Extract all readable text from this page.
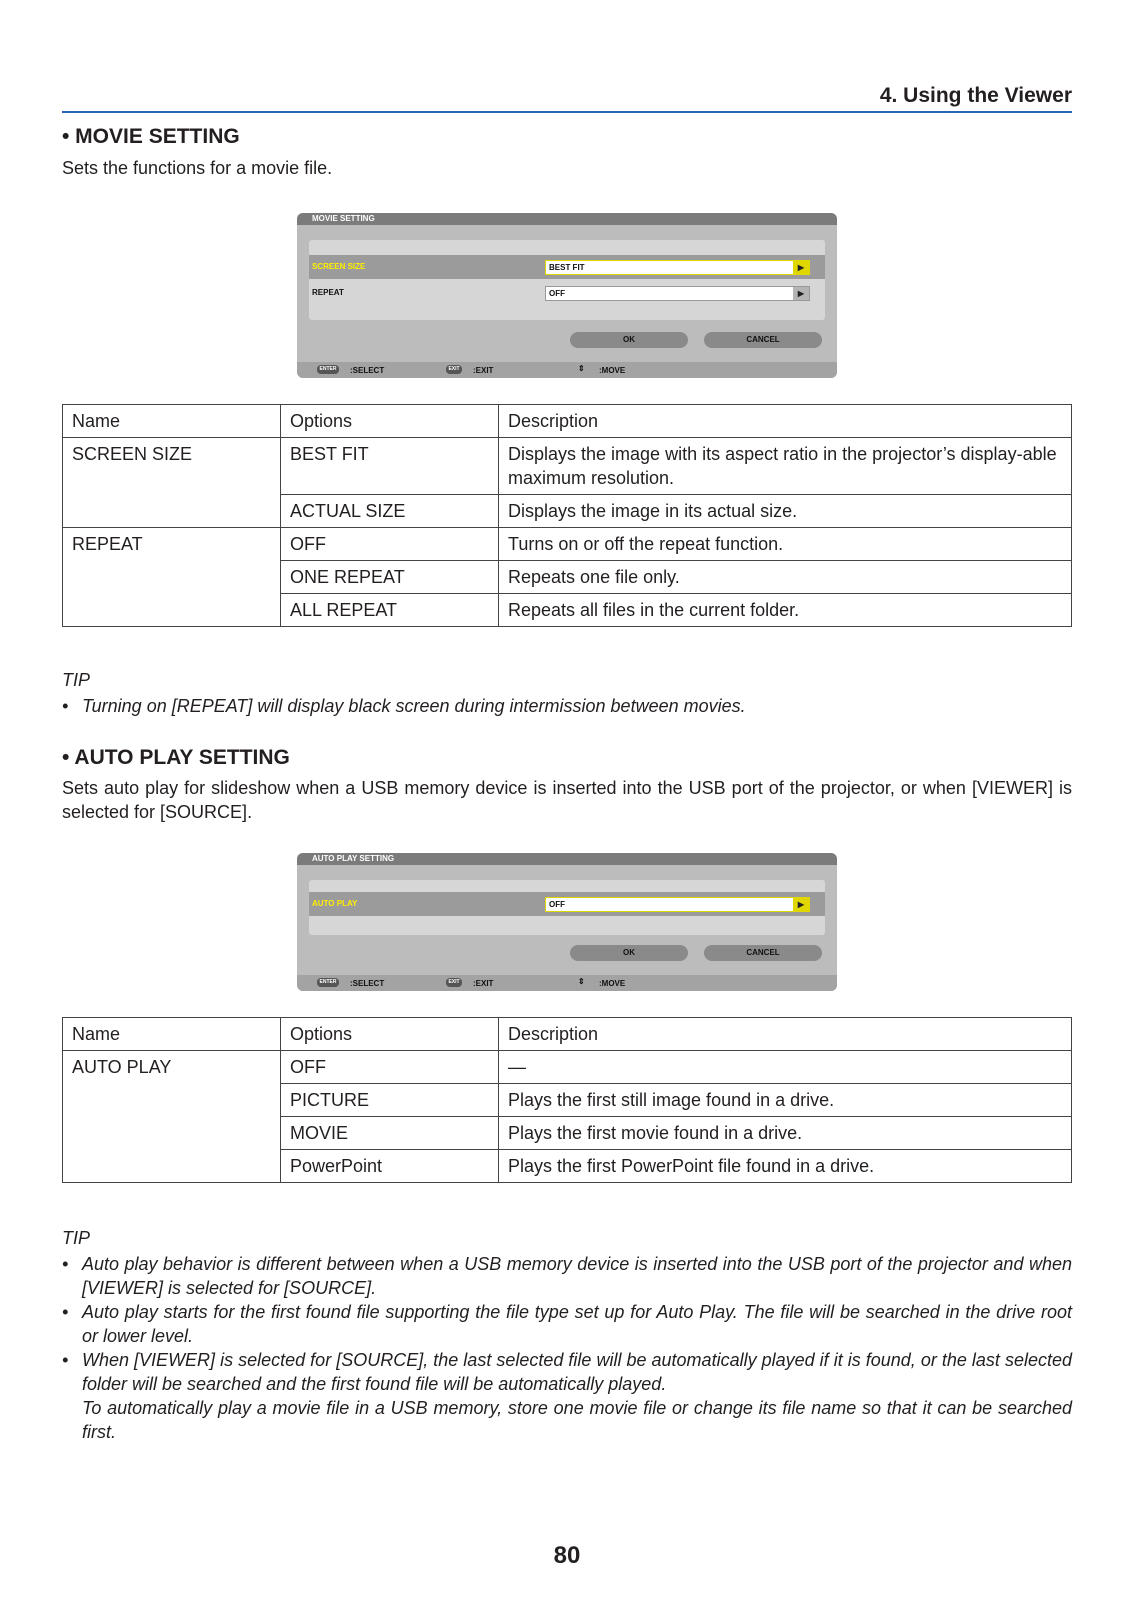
4. Using the Viewer
• MOVIE SETTING

Sets the functions for a movie file.

MOVIE SETTING
SCREEN SIZE	BEST FIT	▶
REPEAT	OFF	▶
OK	CANCEL
ENTER	:SELECT	EXIT	:EXIT	⇕ :MOVE
Name	Options	Description
SCREEN SIZE	BEST FIT	Displays the image with its aspect ratio in the projector’s display-able maximum resolution.
	ACTUAL SIZE	Displays the image in its actual size.
REPEAT	OFF	Turns on or off the repeat function.
	ONE REPEAT	Repeats one file only.
	ALL REPEAT	Repeats all files in the current folder.

TIP

• Turning on [REPEAT] will display black screen during intermission between movies.
• AUTO PLAY SETTING

Sets auto play for slideshow when a USB memory device is inserted into the USB port of the projector, or when [VIEWER] is selected for [SOURCE].

AUTO PLAY SETTING
AUTO PLAY	OFF	▶
OK	CANCEL
ENTER	:SELECT	EXIT	:EXIT	⇕ :MOVE
Name	Options	Description
AUTO PLAY	OFF	—
	PICTURE	Plays the first still image found in a drive.
	MOVIE	Plays the first movie found in a drive.
	PowerPoint	Plays the first PowerPoint file found in a drive.

TIP

• Auto play behavior is different between when a USB memory device is inserted into the USB port of the projector and when [VIEWER] is selected for [SOURCE].
• Auto play starts for the first found file supporting the file type set up for Auto Play. The file will be searched in the drive root or lower level.
• When [VIEWER] is selected for [SOURCE], the last selected file will be automatically played if it is found, or the last selected folder will be searched and the first found file will be automatically played.
To automatically play a movie file in a USB memory, store one movie file or change its file name so that it can be searched first.
80
